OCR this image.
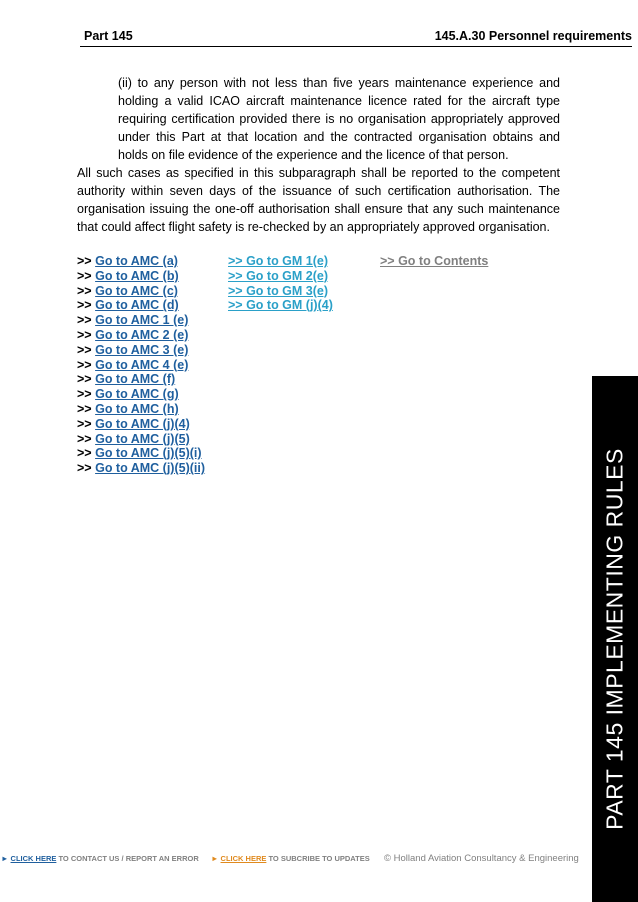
Part 145	145.A.30 Personnel requirements
(ii) to any person with not less than five years maintenance experience and holding a valid ICAO aircraft maintenance licence rated for the aircraft type requiring certification provided there is no organisation appropriately approved under this Part at that location and the contracted organisation obtains and holds on file evidence of the experience and the licence of that person.
All such cases as specified in this subparagraph shall be reported to the competent authority within seven days of the issuance of such certification authorisation. The organisation issuing the one-off authorisation shall ensure that any such maintenance that could affect flight safety is re-checked by an appropriately approved organisation.
>> Go to AMC (a)
>> Go to AMC (b)
>> Go to AMC (c)
>> Go to AMC (d)
>> Go to AMC 1 (e)
>> Go to AMC 2 (e)
>> Go to AMC 3 (e)
>> Go to AMC 4 (e)
>> Go to AMC (f)
>> Go to AMC (g)
>> Go to AMC (h)
>> Go to AMC (j)(4)
>> Go to AMC (j)(5)
>> Go to AMC (j)(5)(i)
>> Go to AMC (j)(5)(ii)
>> Go to GM 1(e)
>> Go to GM 2(e)
>> Go to GM 3(e)
>> Go to GM (j)(4)
>> Go to Contents
PART 145 IMPLEMENTING RULES
► CLICK HERE TO CONTACT US / REPORT AN ERROR ► CLICK HERE TO SUBCRIBE TO UPDATES © Holland Aviation Consultancy & Engineering
